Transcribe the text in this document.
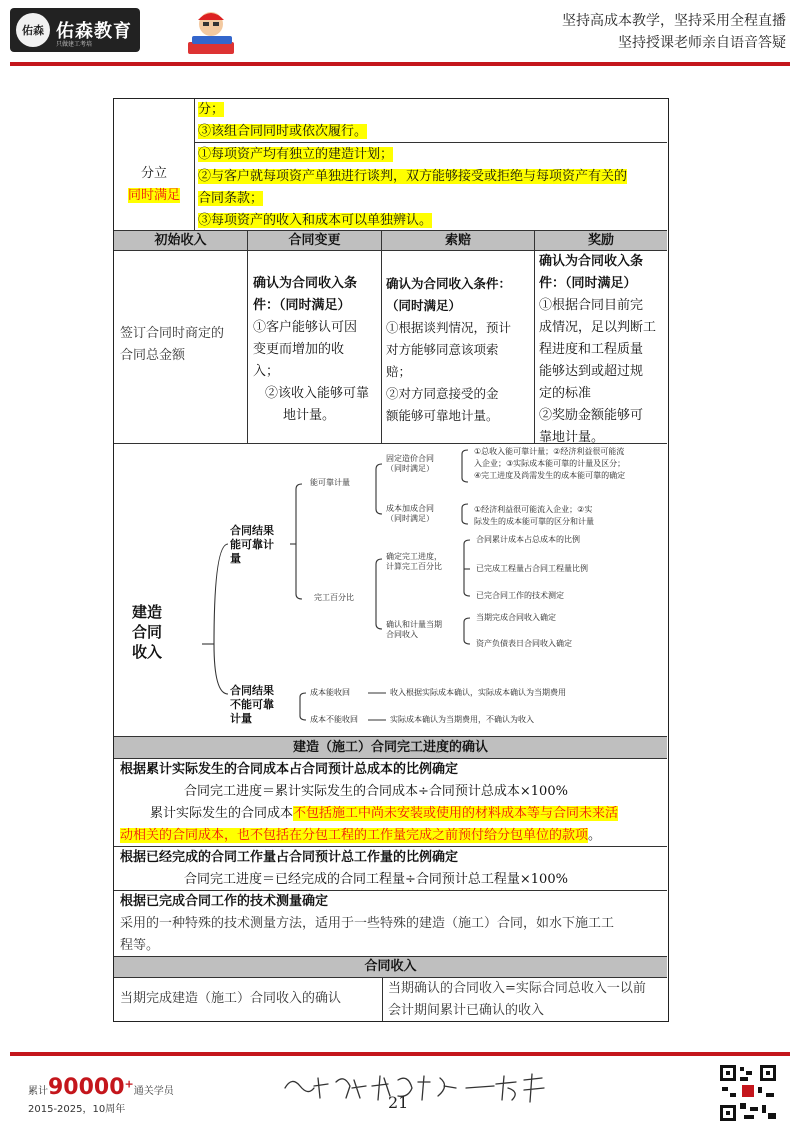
佑森 佑森教育
只做建工考培
坚持高成本教学，坚持采用全程直播
坚持授课老师亲自语音答疑
分；
③该组合同同时或依次履行。
分立
同时满足
①每项资产均有独立的建造计划；
②与客户就每项资产单独进行谈判，双方能够接受或拒绝与每项资产有关的
合同条款；
③每项资产的收入和成本可以单独辨认。
初始收入	合同变更	索赔	奖励
签订合同时商定的
合同总金额
确认为合同收入条
件：（同时满足）
①客户能够认可因
变更而增加的收
入；
②该收入能够可靠
地计量。
确认为合同收入条件：
（同时满足）
①根据谈判情况，预计
对方能够同意该项索
赔；
②对方同意接受的金
额能够可靠地计量。
确认为合同收入条
件：（同时满足）
①根据合同目前完
成情况，足以判断工
程进度和工程质量
能够达到或超过规
定的标准
②奖励金额能够可
靠地计量。
建造
合同
收入
合同结果
能可靠计
量
合同结果
不能可靠
计量
能可靠计量
完工百分比
固定造价合同
（同时满足）
①总收入能可靠计量；②经济利益很可能流
入企业；③实际成本能可靠的计量及区分；
④完工进度及尚需发生的成本能可靠的确定
成本加成合同
（同时满足）
①经济利益很可能流入企业；②实
际发生的成本能可靠的区分和计量
确定完工进度，
计算完工百分比
合同累计成本占总成本的比例
已完成工程量占合同工程量比例
已完合同工作的技术测定
确认和计量当期
合同收入
当期完成合同收入确定
资产负债表日合同收入确定
成本能收回	收入根据实际成本确认，实际成本确认为当期费用
成本不能收回	实际成本确认为当期费用，不确认为收入
建造（施工）合同完工进度的确认
根据累计实际发生的合同成本占合同预计总成本的比例确定
合同完工进度＝累计实际发生的合同成本÷合同预计总成本×100%
累计实际发生的合同成本不包括施工中尚未安装或使用的材料成本等与合同未来活
动相关的合同成本，也不包括在分包工程的工作量完成之前预付给分包单位的款项。
根据已经完成的合同工作量占合同预计总工作量的比例确定
合同完工进度＝已经完成的合同工程量÷合同预计总工程量×100%
根据已完成合同工作的技术测量确定
采用的一种特殊的技术测量方法，适用于一些特殊的建造（施工）合同，如水下施工工
程等。
合同收入
当期完成建造（施工）合同收入的确认
当期确认的合同收入=实际合同总收入一以前
会计期间累计已确认的收入
累计90000+通关学员
2015-2025，10周年	21
